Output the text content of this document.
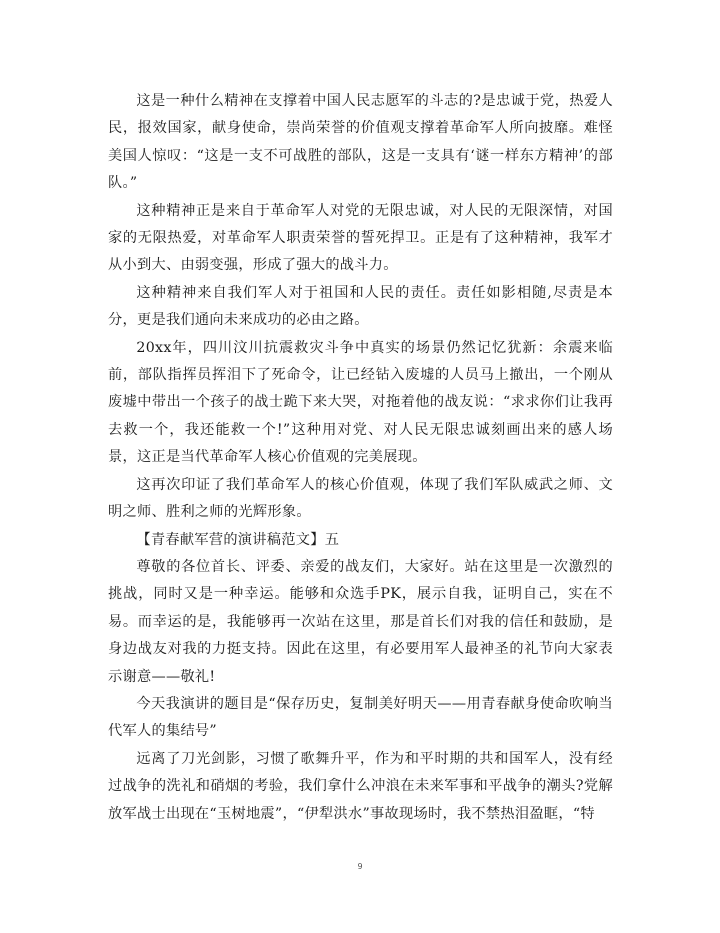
这是一种什么精神在支撑着中国人民志愿军的斗志的?是忠诚于党，热爱人民，报效国家，献身使命，崇尚荣誉的价值观支撑着革命军人所向披靡。难怪美国人惊叹：“这是一支不可战胜的部队，这是一支具有‘谜一样东方精神’的部队。”

这种精神正是来自于革命军人对党的无限忠诚，对人民的无限深情，对国家的无限热爱，对革命军人职责荣誉的誓死捍卫。正是有了这种精神，我军才从小到大、由弱变强，形成了强大的战斗力。

这种精神来自我们军人对于祖国和人民的责任。责任如影相随,尽责是本分，更是我们通向未来成功的必由之路。

20xx年，四川汶川抗震救灾斗争中真实的场景仍然记忆犹新：余震来临前，部队指挥员挥泪下了死命令，让已经钻入废墟的人员马上撤出，一个刚从废墟中带出一个孩子的战士跪下来大哭，对拖着他的战友说：“求求你们让我再去救一个，我还能救一个!”这种用对党、对人民无限忠诚刻画出来的感人场景，这正是当代革命军人核心价值观的完美展现。

这再次印证了我们革命军人的核心价值观，体现了我们军队威武之师、文明之师、胜利之师的光辉形象。

【青春献军营的演讲稿范文】五

尊敬的各位首长、评委、亲爱的战友们，大家好。站在这里是一次激烈的挑战，同时又是一种幸运。能够和众选手PK，展示自我，证明自己，实在不易。而幸运的是，我能够再一次站在这里，那是首长们对我的信任和鼓励，是身边战友对我的力挺支持。因此在这里，有必要用军人最神圣的礼节向大家表示谢意——敬礼!

今天我演讲的题目是“保存历史，复制美好明天——用青春献身使命吹响当代军人的集结号”

远离了刀光剑影，习惯了歌舞升平，作为和平时期的共和国军人，没有经过战争的洗礼和硝烟的考验，我们拿什么冲浪在未来军事和平战争的潮头?党解放军战士出现在“玉树地震”，“伊犁洪水”事故现场时，我不禁热泪盈眶，“特

9
